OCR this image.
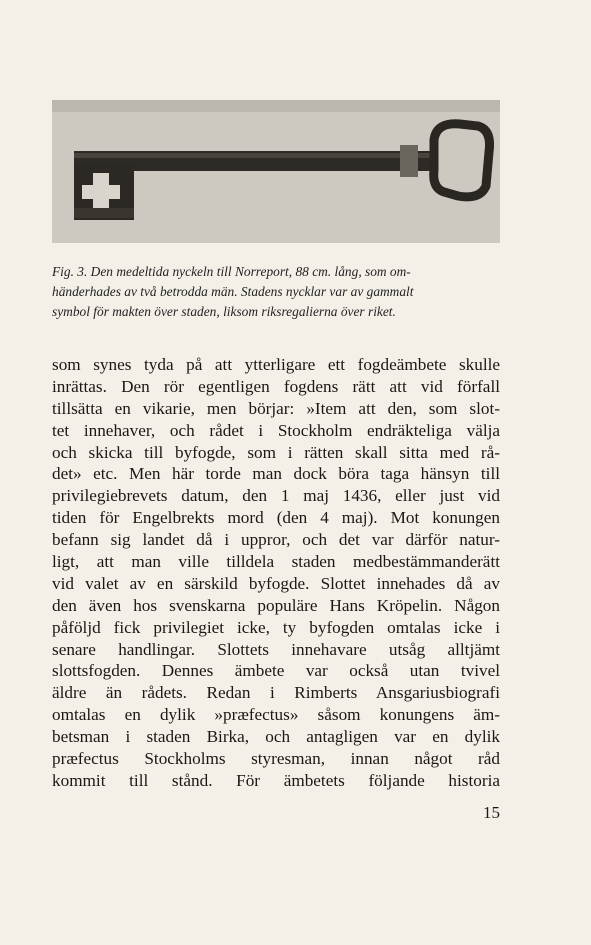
Fig. 3. Den medeltida nyckeln till Norreport, 88 cm. lång, som om-
händerhades av två betrodda män. Stadens nycklar var av gammalt
symbol för makten över staden, liksom riksregalierna över riket.
som synes tyda på att ytterligare ett fogdeämbete skulle
inrättas. Den rör egentligen fogdens rätt att vid förfall
tillsätta en vikarie, men börjar: »Item att den, som slot-
tet innehaver, och rådet i Stockholm endräkteliga välja
och skicka till byfogde, som i rätten skall sitta med rå-
det» etc. Men här torde man dock böra taga hänsyn till
privilegiebrevets datum, den 1 maj 1436, eller just vid
tiden för Engelbrekts mord (den 4 maj). Mot konungen
befann sig landet då i uppror, och det var därför natur-
ligt, att man ville tilldela staden medbestämmanderätt
vid valet av en särskild byfogde. Slottet innehades då av
den även hos svenskarna populäre Hans Kröpelin. Någon
påföljd fick privilegiet icke, ty byfogden omtalas icke i
senare handlingar. Slottets innehavare utsåg alltjämt
slottsfogden. Dennes ämbete var också utan tvivel
äldre än rådets. Redan i Rimberts Ansgariusbiografi
omtalas en dylik »præfectus» såsom konungens äm-
betsman i staden Birka, och antagligen var en dylik
præfectus Stockholms styresman, innan något råd
kommit till stånd. För ämbetets följande historia
15
